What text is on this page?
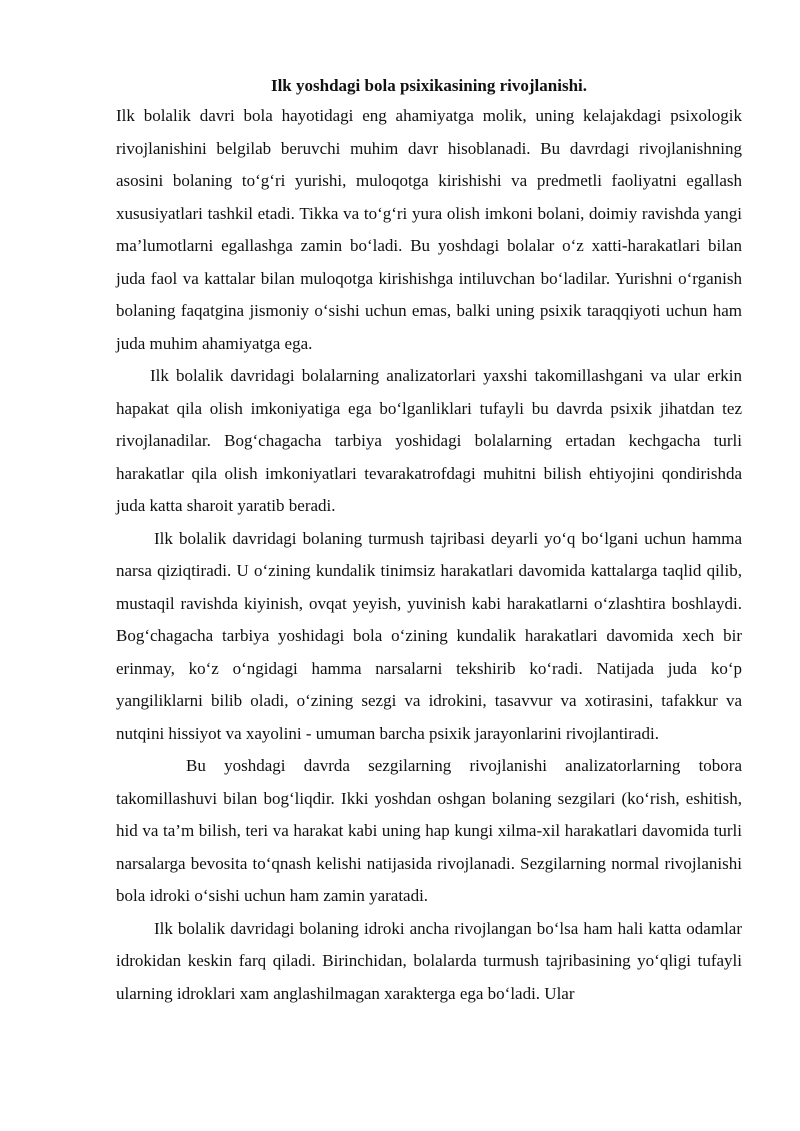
Ilk yoshdagi bola psixikasining rivojlanishi.

Ilk bolalik davri bola hayotidagi eng ahamiyatga molik, uning kelajakdagi psixologik rivojlanishini belgilab beruvchi muhim davr hisoblanadi. Bu davrdagi rivojlanishning asosini bolaning to‘g‘ri yurishi, muloqotga kirishishi va predmetli faoliyatni egallash xususiyatlari tashkil etadi. Tikka va to‘g‘ri yura olish imkoni bolani, doimiy ravishda yangi ma’lumotlarni egallashga zamin bo‘ladi. Bu yoshdagi bolalar o‘z xatti-harakatlari bilan juda faol va kattalar bilan muloqotga kirishishga intiluvchan bo‘ladilar. Yurishni o‘rganish bolaning faqatgina jismoniy o‘sishi uchun emas, balki uning psixik taraqqiyoti uchun ham juda muhim ahamiyatga ega.

Ilk bolalik davridagi bolalarning analizatorlari yaxshi takomillashgani va ular erkin hapakat qila olish imkoniyatiga ega bo‘lganliklari tufayli bu davrda psixik jihatdan tez rivojlanadilar. Bog‘chagacha tarbiya yoshidagi bolalarning ertadan kechgacha turli harakatlar qila olish imkoniyatlari tevarakatrofdagi muhitni bilish ehtiyojini qondirishda juda katta sharoit yaratib beradi.

Ilk bolalik davridagi bolaning turmush tajribasi deyarli yo‘q bo‘lgani uchun hamma narsa qiziqtiradi. U o‘zining kundalik tinimsiz harakatlari davomida kattalarga taqlid qilib, mustaqil ravishda kiyinish, ovqat yeyish, yuvinish kabi harakatlarni o‘zlashtira boshlaydi. Bog‘chagacha tarbiya yoshidagi bola o‘zining kundalik harakatlari davomida xech bir erinmay, ko‘z o‘ngidagi hamma narsalarni tekshirib ko‘radi. Natijada juda ko‘p yangiliklarni bilib oladi, o‘zining sezgi va idrokini, tasavvur va xotirasini, tafakkur va nutqini hissiyot va xayolini - umuman barcha psixik jarayonlarini rivojlantiradi.

Bu yoshdagi davrda sezgilarning rivojlanishi analizatorlarning tobora takomillashuvi bilan bog‘liqdir. Ikki yoshdan oshgan bolaning sezgilari (ko‘rish, eshitish, hid va ta’m bilish, teri va harakat kabi uning hap kungi xilma-xil harakatlari davomida turli narsalarga bevosita to‘qnash kelishi natijasida rivojlanadi. Sezgilarning normal rivojlanishi bola idroki o‘sishi uchun ham zamin yaratadi.

Ilk bolalik davridagi bolaning idroki ancha rivojlangan bo‘lsa ham hali katta odamlar idrokidan keskin farq qiladi. Birinchidan, bolalarda turmush tajribasining yo‘qligi tufayli ularning idroklari xam anglashilmagan xarakterga ega bo‘ladi. Ular
